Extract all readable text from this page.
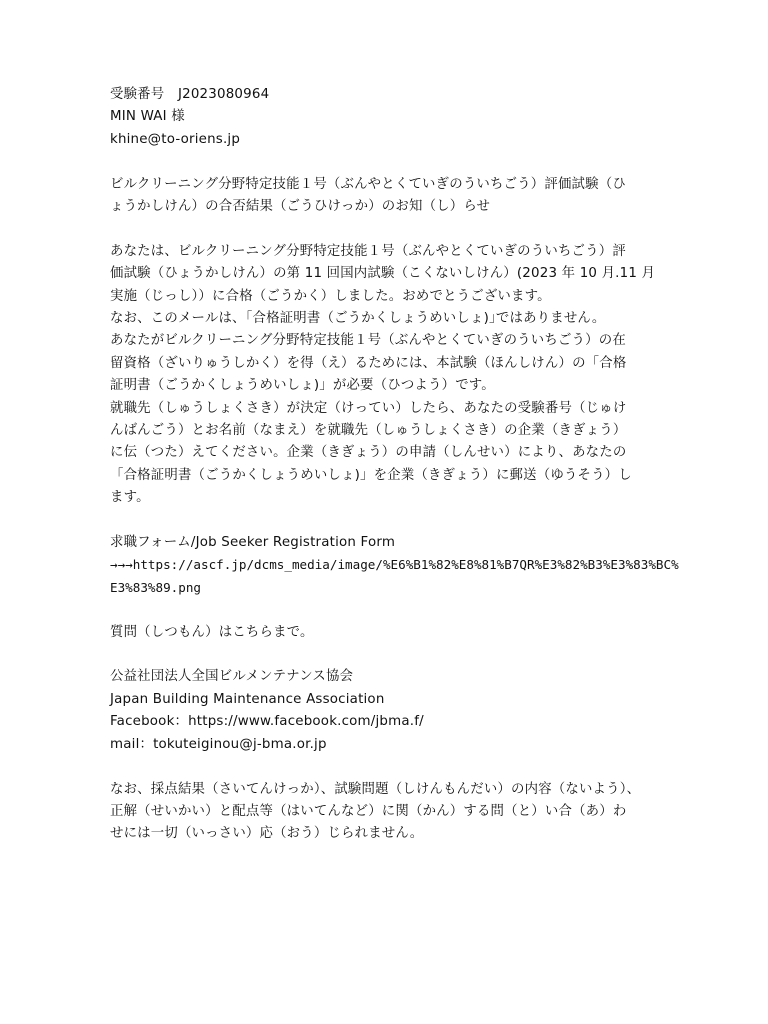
受験番号　J2023080964
MIN WAI 様
khine@to-oriens.jp
ビルクリーニング分野特定技能１号（ぶんやとくていぎのういちごう）評価試験（ひ
ょうかしけん）の合否結果（ごうひけっか）のお知（し）らせ
あなたは、ビルクリーニング分野特定技能１号（ぶんやとくていぎのういちごう）評
価試験（ひょうかしけん）の第 11 回国内試験（こくないしけん）(2023 年 10 月.11 月
実施（じっし））に合格（ごうかく）しました。おめでとうございます。
なお、このメールは、｢合格証明書（ごうかくしょうめいしょ)｣ではありません。
あなたがビルクリーニング分野特定技能１号（ぶんやとくていぎのういちごう）の在
留資格（ざいりゅうしかく）を得（え）るためには、本試験（ほんしけん）の「合格
証明書（ごうかくしょうめいしょ)」が必要（ひつよう）です。
就職先（しゅうしょくさき）が決定（けってい）したら、あなたの受験番号（じゅけ
んばんごう）とお名前（なまえ）を就職先（しゅうしょくさき）の企業（きぎょう）
に伝（つた）えてください。企業（きぎょう）の申請（しんせい）により、あなたの
「合格証明書（ごうかくしょうめいしょ)」を企業（きぎょう）に郵送（ゆうそう）し
ます。
求職フォーム/Job Seeker Registration Form
→→→https://ascf.jp/dcms_media/image/%E6%B1%82%E8%81%B7QR%E3%82%B3%E3%83%BC%
E3%83%89.png
質問（しつもん）はこちらまで。
公益社団法人全国ビルメンテナンス協会
Japan Building Maintenance Association
Facebook：https://www.facebook.com/jbma.f/
mail：tokuteiginou@j-bma.or.jp
なお、採点結果（さいてんけっか）、試験問題（しけんもんだい）の内容（ないよう）、
正解（せいかい）と配点等（はいてんなど）に関（かん）する問（と）い合（あ）わ
せには一切（いっさい）応（おう）じられません。
